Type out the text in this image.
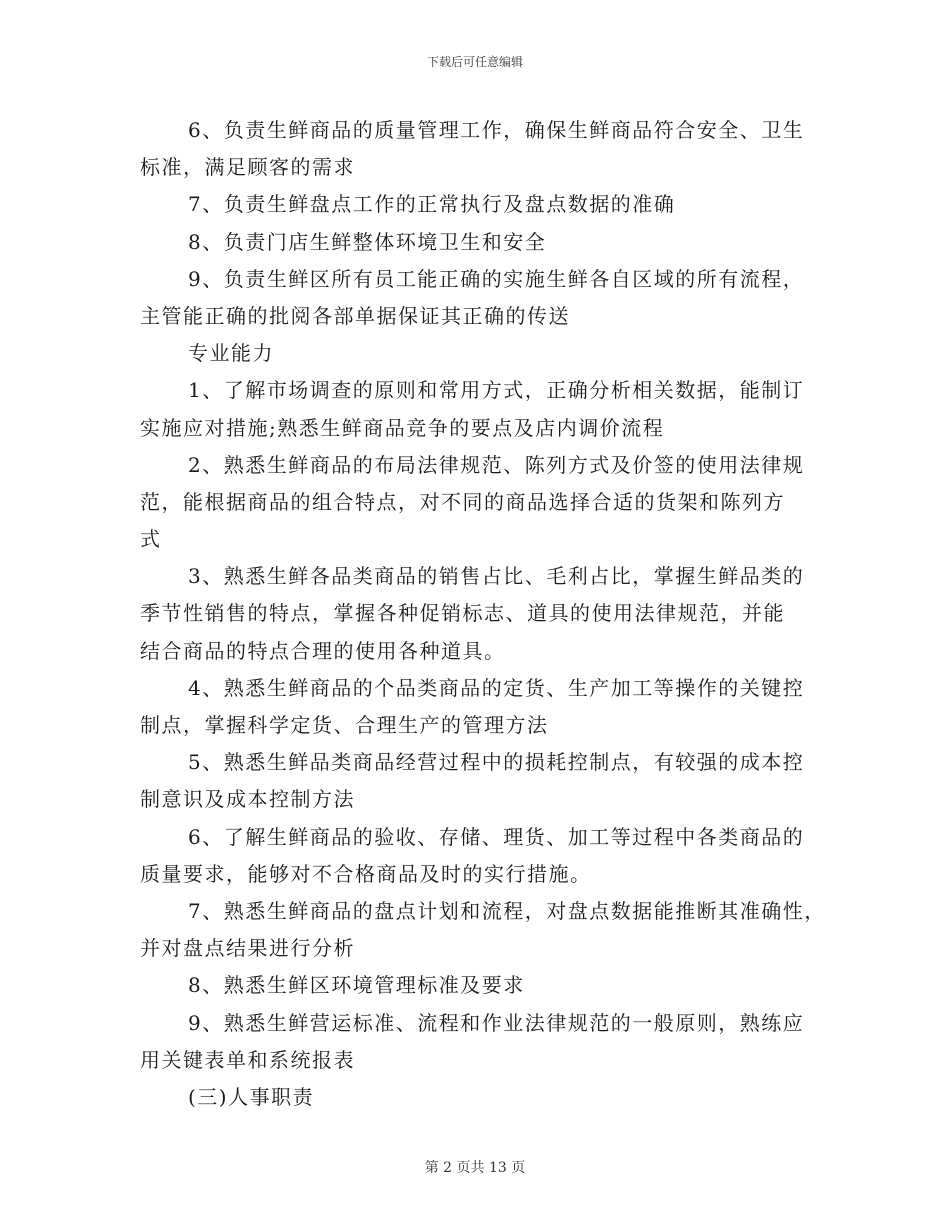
下载后可任意编辑
6、负责生鲜商品的质量管理工作，确保生鲜商品符合安全、卫生
标准，满足顾客的需求
7、负责生鲜盘点工作的正常执行及盘点数据的准确
8、负责门店生鲜整体环境卫生和安全
9、负责生鲜区所有员工能正确的实施生鲜各自区域的所有流程，
主管能正确的批阅各部单据保证其正确的传送
专业能力
1、了解市场调查的原则和常用方式，正确分析相关数据，能制订
实施应对措施;熟悉生鲜商品竞争的要点及店内调价流程
2、熟悉生鲜商品的布局法律规范、陈列方式及价签的使用法律规
范，能根据商品的组合特点，对不同的商品选择合适的货架和陈列方
式
3、熟悉生鲜各品类商品的销售占比、毛利占比，掌握生鲜品类的
季节性销售的特点，掌握各种促销标志、道具的使用法律规范，并能
结合商品的特点合理的使用各种道具。
4、熟悉生鲜商品的个品类商品的定货、生产加工等操作的关键控
制点，掌握科学定货、合理生产的管理方法
5、熟悉生鲜品类商品经营过程中的损耗控制点，有较强的成本控
制意识及成本控制方法
6、了解生鲜商品的验收、存储、理货、加工等过程中各类商品的
质量要求，能够对不合格商品及时的实行措施。
7、熟悉生鲜商品的盘点计划和流程，对盘点数据能推断其准确性，
并对盘点结果进行分析
8、熟悉生鲜区环境管理标准及要求
9、熟悉生鲜营运标准、流程和作业法律规范的一般原则，熟练应
用关键表单和系统报表
(三)人事职责
第 2 页共 13 页
